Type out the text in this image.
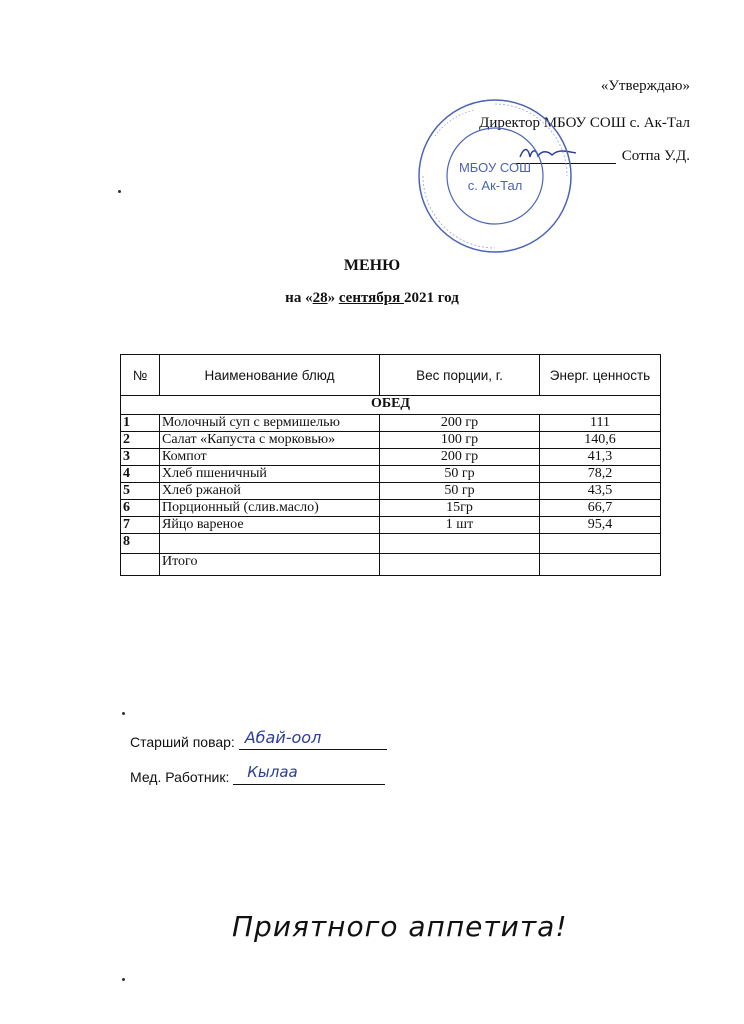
«Утверждаю»
Директор МБОУ СОШ с. Ак-Тал
Сотпа У.Д.
МБОУ СОШ
с. Ак-Тал
МЕНЮ
на «28» сентября 2021 год
№	Наименование блюд	Вес порции, г.	Энерг. ценность
ОБЕД			
1	Молочный суп с вермишелью	200 гр	111
2	Салат «Капуста с морковью»	100 гр	140,6
3	Компот	200 гр	41,3
4	Хлеб пшеничный	50 гр	78,2
5	Хлеб ржаной	50 гр	43,5
6	Порционный (слив.масло)	15гр	66,7
7	Яйцо вареное	1 шт	95,4
8			
	Итого		
Старший повар: Абай-оол
Мед. Работник: Кылаа
Приятного аппетита!
